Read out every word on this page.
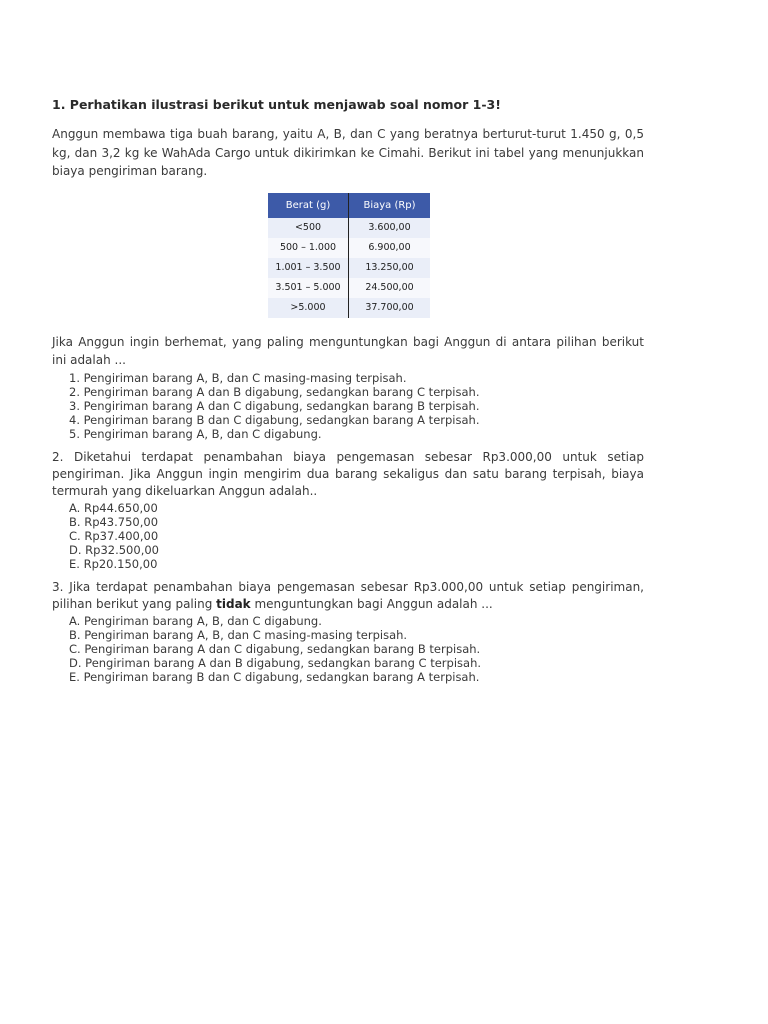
1. Perhatikan ilustrasi berikut untuk menjawab soal nomor 1-3!

Anggun membawa tiga buah barang, yaitu A, B, dan C yang beratnya berturut-turut 1.450 g, 0,5 kg, dan 3,2 kg ke WahAda Cargo untuk dikirimkan ke Cimahi. Berikut ini tabel yang menunjukkan biaya pengiriman barang.

Berat (g)	Biaya (Rp)
<500	3.600,00
500 – 1.000	6.900,00
1.001 – 3.500	13.250,00
3.501 – 5.000	24.500,00
>5.000	37.700,00

Jika Anggun ingin berhemat, yang paling menguntungkan bagi Anggun di antara pilihan berikut ini adalah ...

1. Pengiriman barang A, B, dan C masing-masing terpisah.
2. Pengiriman barang A dan B digabung, sedangkan barang C terpisah.
3. Pengiriman barang A dan C digabung, sedangkan barang B terpisah.
4. Pengiriman barang B dan C digabung, sedangkan barang A terpisah.
5. Pengiriman barang A, B, dan C digabung.

2. Diketahui terdapat penambahan biaya pengemasan sebesar Rp3.000,00 untuk setiap pengiriman. Jika Anggun ingin mengirim dua barang sekaligus dan satu barang terpisah, biaya termurah yang dikeluarkan Anggun adalah..

A. Rp44.650,00
B. Rp43.750,00
C. Rp37.400,00
D. Rp32.500,00
E. Rp20.150,00

3. Jika terdapat penambahan biaya pengemasan sebesar Rp3.000,00 untuk setiap pengiriman, pilihan berikut yang paling tidak menguntungkan bagi Anggun adalah ...

A. Pengiriman barang A, B, dan C digabung.
B. Pengiriman barang A, B, dan C masing-masing terpisah.
C. Pengiriman barang A dan C digabung, sedangkan barang B terpisah.
D. Pengiriman barang A dan B digabung, sedangkan barang C terpisah.
E. Pengiriman barang B dan C digabung, sedangkan barang A terpisah.
